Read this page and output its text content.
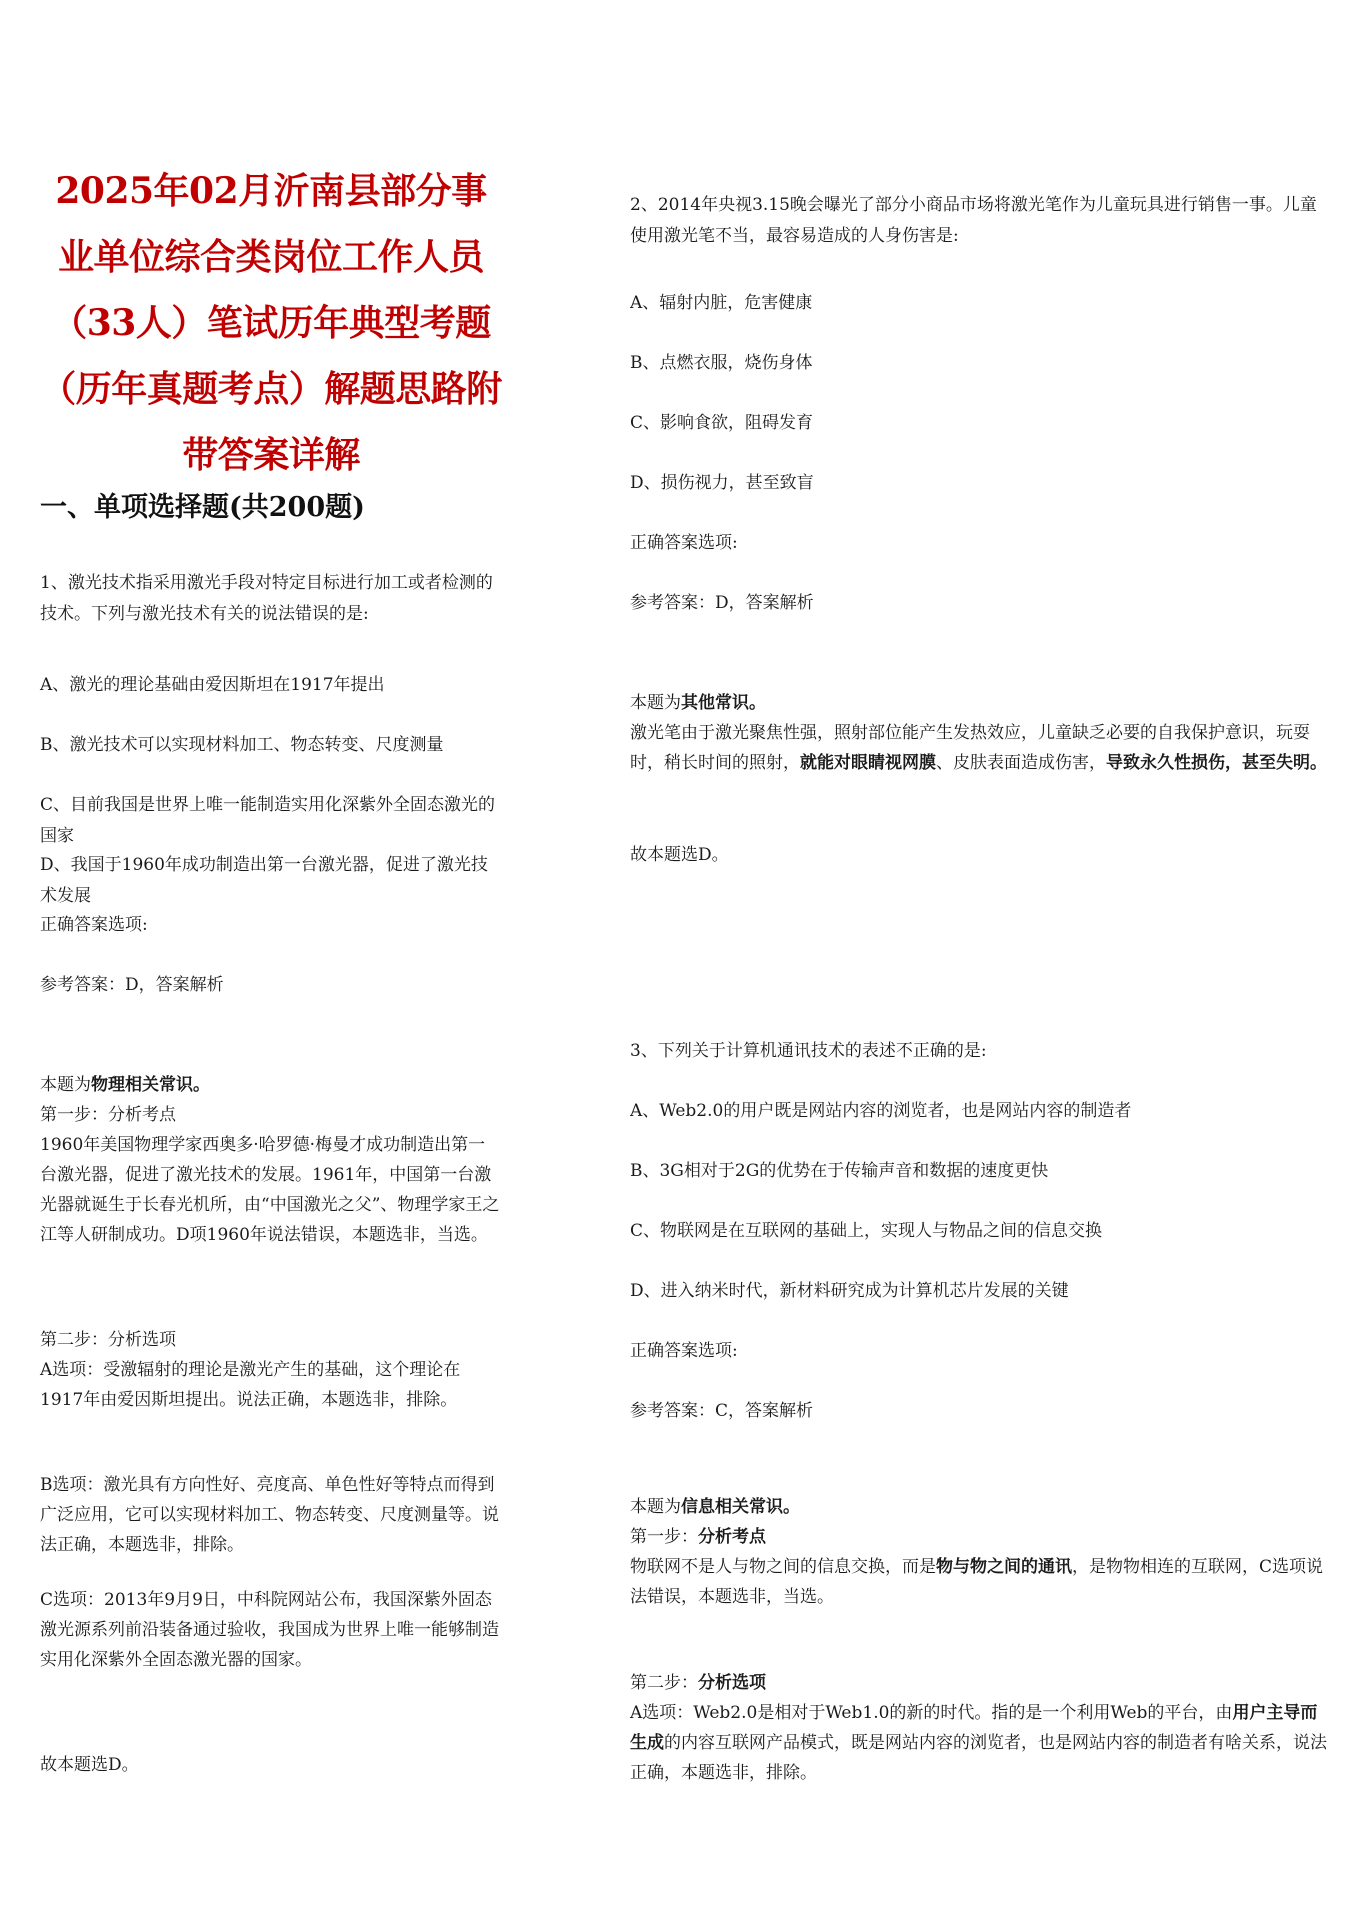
2025年02月沂南县部分事业单位综合类岗位工作人员（33人）笔试历年典型考题（历年真题考点）解题思路附带答案详解
一、单项选择题(共200题)

1、激光技术指采用激光手段对特定目标进行加工或者检测的技术。下列与激光技术有关的说法错误的是:

A、激光的理论基础由爱因斯坦在1917年提出

B、激光技术可以实现材料加工、物态转变、尺度测量

C、目前我国是世界上唯一能制造实用化深紫外全固态激光的国家

D、我国于1960年成功制造出第一台激光器，促进了激光技术发展

正确答案选项:

参考答案：D，答案解析

本题为物理相关常识。

第一步：分析考点

1960年美国物理学家西奥多·哈罗德·梅曼才成功制造出第一台激光器，促进了激光技术的发展。1961年，中国第一台激光器就诞生于长春光机所，由“中国激光之父”、物理学家王之江等人研制成功。D项1960年说法错误，本题选非，当选。

第二步：分析选项

A选项：受激辐射的理论是激光产生的基础，这个理论在1917年由爱因斯坦提出。说法正确，本题选非，排除。

B选项：激光具有方向性好、亮度高、单色性好等特点而得到广泛应用，它可以实现材料加工、物态转变、尺度测量等。说法正确，本题选非，排除。

C选项：2013年9月9日，中科院网站公布，我国深紫外固态激光源系列前沿装备通过验收，我国成为世界上唯一能够制造实用化深紫外全固态激光器的国家。

故本题选D。

2、2014年央视3.15晚会曝光了部分小商品市场将激光笔作为儿童玩具进行销售一事。儿童使用激光笔不当，最容易造成的人身伤害是:

A、辐射内脏，危害健康

B、点燃衣服，烧伤身体

C、影响食欲，阻碍发育

D、损伤视力，甚至致盲

正确答案选项:

参考答案：D，答案解析

本题为其他常识。

激光笔由于激光聚焦性强，照射部位能产生发热效应，儿童缺乏必要的自我保护意识，玩耍时，稍长时间的照射，就能对眼睛视网膜、皮肤表面造成伤害，导致永久性损伤，甚至失明。

故本题选D。

3、下列关于计算机通讯技术的表述不正确的是:

A、Web2.0的用户既是网站内容的浏览者，也是网站内容的制造者

B、3G相对于2G的优势在于传输声音和数据的速度更快

C、物联网是在互联网的基础上，实现人与物品之间的信息交换

D、进入纳米时代，新材料研究成为计算机芯片发展的关键

正确答案选项:

参考答案：C，答案解析

本题为信息相关常识。

第一步：分析考点

物联网不是人与物之间的信息交换，而是物与物之间的通讯，是物物相连的互联网，C选项说法错误，本题选非，当选。

第二步：分析选项

A选项：Web2.0是相对于Web1.0的新的时代。指的是一个利用Web的平台，由用户主导而生成的内容互联网产品模式，既是网站内容的浏览者，也是网站内容的制造者有啥关系，说法正确，本题选非，排除。
